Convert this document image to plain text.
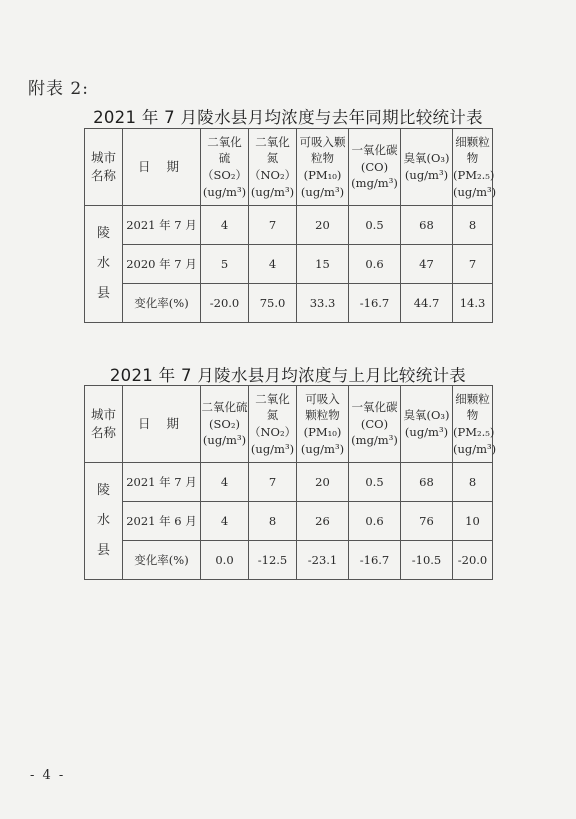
附表 2:
2021 年 7 月陵水县月均浓度与去年同期比较统计表
城市
名称	日 期	二氧化
硫（SO₂）
(ug/m³)	二氧化
氮（NO₂）
(ug/m³)	可吸入颗
粒物
(PM₁₀)
(ug/m³)	一氧化碳
(CO)
(mg/m³)	臭氧(O₃)
(ug/m³)	细颗粒物
(PM₂.₅)
(ug/m³)
陵
水
县	2021 年 7 月	4	7	20	0.5	68	8
	2020 年 7 月	5	4	15	0.6	47	7
	变化率(%)	-20.0	75.0	33.3	-16.7	44.7	14.3
2021 年 7 月陵水县月均浓度与上月比较统计表
城市
名称	日 期	二氧化硫
(SO₂)
(ug/m³)	二氧化
氮（NO₂）
(ug/m³)	可吸入
颗粒物
(PM₁₀)
(ug/m³)	一氧化碳
(CO)
(mg/m³)	臭氧(O₃)
(ug/m³)	细颗粒物
(PM₂.₅)
(ug/m³)
陵
水
县	2021 年 7 月	4	7	20	0.5	68	8
	2021 年 6 月	4	8	26	0.6	76	10
	变化率(%)	0.0	-12.5	-23.1	-16.7	-10.5	-20.0
- 4 -
